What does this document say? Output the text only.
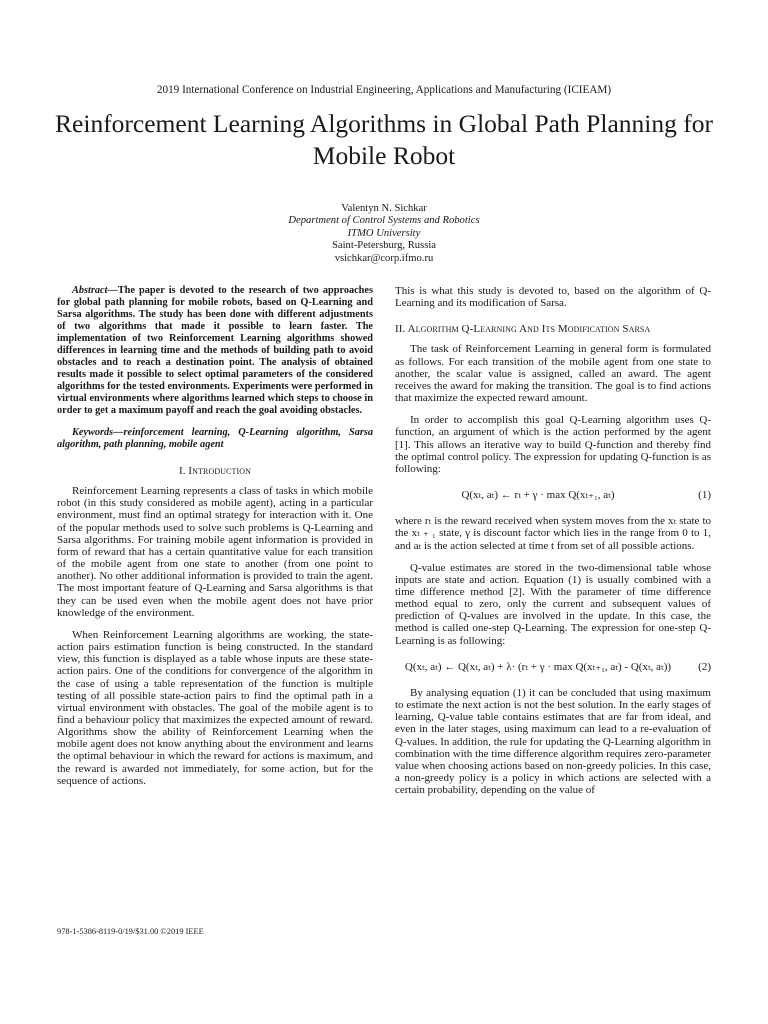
2019 International Conference on Industrial Engineering, Applications and Manufacturing (ICIEAM)
Reinforcement Learning Algorithms in Global Path Planning for Mobile Robot
Valentyn N. Sichkar
Department of Control Systems and Robotics
ITMO University
Saint-Petersburg, Russia
vsichkar@corp.ifmo.ru

Abstract—The paper is devoted to the research of two approaches for global path planning for mobile robots, based on Q-Learning and Sarsa algorithms. The study has been done with different adjustments of two algorithms that made it possible to learn faster. The implementation of two Reinforcement Learning algorithms showed differences in learning time and the methods of building path to avoid obstacles and to reach a destination point. The analysis of obtained results made it possible to select optimal parameters of the considered algorithms for the tested environments. Experiments were performed in virtual environments where algorithms learned which steps to choose in order to get a maximum payoff and reach the goal avoiding obstacles.

Keywords—reinforcement learning, Q-Learning algorithm, Sarsa algorithm, path planning, mobile agent

I. Introduction

Reinforcement Learning represents a class of tasks in which mobile robot (in this study considered as mobile agent), acting in a particular environment, must find an optimal strategy for interaction with it. One of the popular methods used to solve such problems is Q-Learning and Sarsa algorithms. For training mobile agent information is provided in form of reward that has a certain quantitative value for each transition of the mobile agent from one state to another (from one point to another). No other additional information is provided to train the agent. The most important feature of Q-Learning and Sarsa algorithms is that they can be used even when the mobile agent does not have prior knowledge of the environment.

When Reinforcement Learning algorithms are working, the state-action pairs estimation function is being constructed. In the standard view, this function is displayed as a table whose inputs are these state-action pairs. One of the conditions for convergence of the algorithm in the case of using a table representation of the function is multiple testing of all possible state-action pairs to find the optimal path in a virtual environment with obstacles. The goal of the mobile agent is to find a behaviour policy that maximizes the expected amount of reward. Algorithms show the ability of Reinforcement Learning when the mobile agent does not know anything about the environment and learns the optimal behaviour in which the reward for actions is maximum, and the reward is awarded not immediately, for some action, but for the sequence of actions.

This is what this study is devoted to, based on the algorithm of Q-Learning and its modification of Sarsa.

II. Algorithm Q-Learning And Its Modification Sarsa

The task of Reinforcement Learning in general form is formulated as follows. For each transition of the mobile agent from one state to another, the scalar value is assigned, called an award. The agent receives the award for making the transition. The goal is to find actions that maximize the expected reward amount.

In order to accomplish this goal Q-Learning algorithm uses Q-function, an argument of which is the action performed by the agent [1]. This allows an iterative way to build Q-function and thereby find the optimal control policy. The expression for updating Q-function is as following:

Q(xₜ, aₜ) ← rₜ + γ · max Q(xₜ₊₁, aₜ)	(1)

where rₜ is the reward received when system moves from the xₜ state to the xₜ ₊ ₁ state, γ is discount factor which lies in the range from 0 to 1, and aₜ is the action selected at time t from set of all possible actions.

Q-value estimates are stored in the two-dimensional table whose inputs are state and action. Equation (1) is usually combined with a time difference method [2]. With the parameter of time difference method equal to zero, only the current and subsequent values of prediction of Q-values are involved in the update. In this case, the method is called one-step Q-Learning. The expression for one-step Q-Learning is as following:

Q(xₜ, aₜ) ← Q(xₜ, aₜ) + λ· (rₜ + γ · max Q(xₜ₊₁, aₜ) - Q(xₜ, aₜ))	(2)

By analysing equation (1) it can be concluded that using maximum to estimate the next action is not the best solution. In the early stages of learning, Q-value table contains estimates that are far from ideal, and even in the later stages, using maximum can lead to a re-evaluation of Q-values. In addition, the rule for updating the Q-Learning algorithm in combination with the time difference algorithm requires zero-parameter value when choosing actions based on non-greedy policies. In this case, a non-greedy policy is a policy in which actions are selected with a certain probability, depending on the value of

978-1-5386-8119-0/19/$31.00 ©2019 IEEE
